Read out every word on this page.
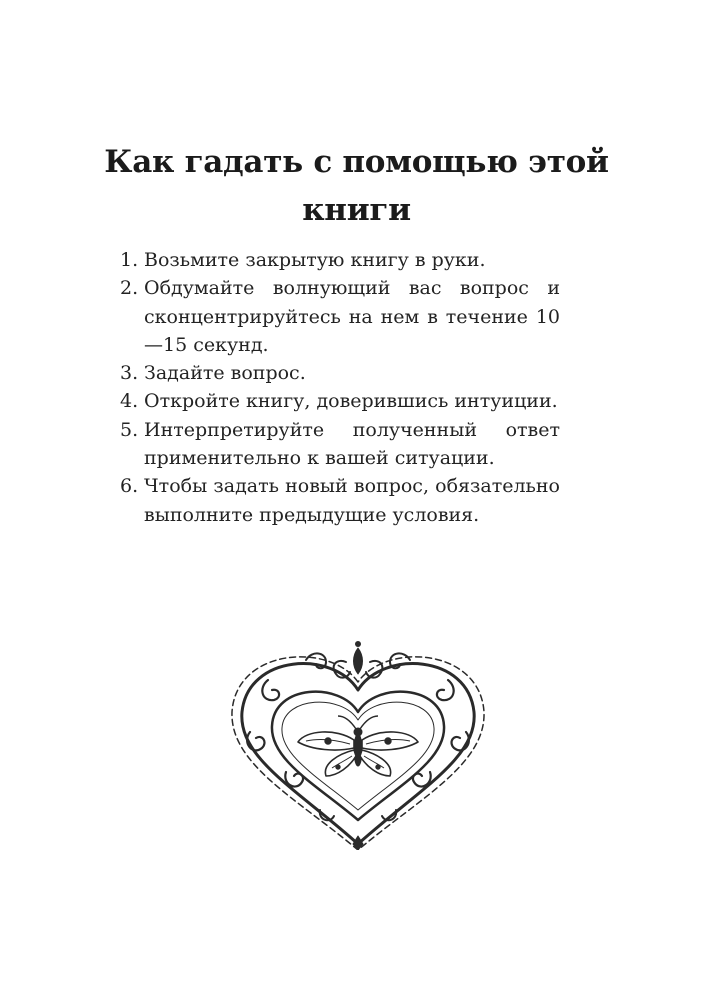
Как гадать с помощью этой книги
1. Возьмите закрытую книгу в руки.
2. Обдумайте волнующий вас вопрос и сконцентрируйтесь на нем в течение 10—15 секунд.
3. Задайте вопрос.
4. Откройте книгу, доверившись интуиции.
5. Интерпретируйте полученный ответ применительно к вашей ситуации.
6. Чтобы задать новый вопрос, обязательно выполните предыдущие условия.
